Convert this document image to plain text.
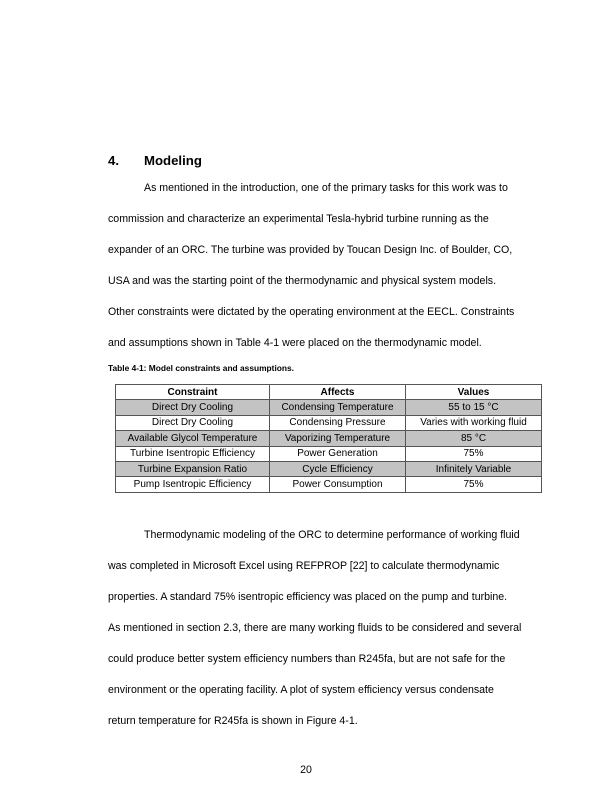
4. Modeling
As mentioned in the introduction, one of the primary tasks for this work was to
commission and characterize an experimental Tesla-hybrid turbine running as the
expander of an ORC. The turbine was provided by Toucan Design Inc. of Boulder, CO,
USA and was the starting point of the thermodynamic and physical system models.
Other constraints were dictated by the operating environment at the EECL. Constraints
and assumptions shown in Table 4-1 were placed on the thermodynamic model.
Table 4-1: Model constraints and assumptions.
Constraint	Affects	Values
Direct Dry Cooling	Condensing Temperature	55 to 15 °C
Direct Dry Cooling	Condensing Pressure	Varies with working fluid
Available Glycol Temperature	Vaporizing Temperature	85 °C
Turbine Isentropic Efficiency	Power Generation	75%
Turbine Expansion Ratio	Cycle Efficiency	Infinitely Variable
Pump Isentropic Efficiency	Power Consumption	75%
Thermodynamic modeling of the ORC to determine performance of working fluid
was completed in Microsoft Excel using REFPROP [22] to calculate thermodynamic
properties. A standard 75% isentropic efficiency was placed on the pump and turbine.
As mentioned in section 2.3, there are many working fluids to be considered and several
could produce better system efficiency numbers than R245fa, but are not safe for the
environment or the operating facility. A plot of system efficiency versus condensate
return temperature for R245fa is shown in Figure 4-1.
20
